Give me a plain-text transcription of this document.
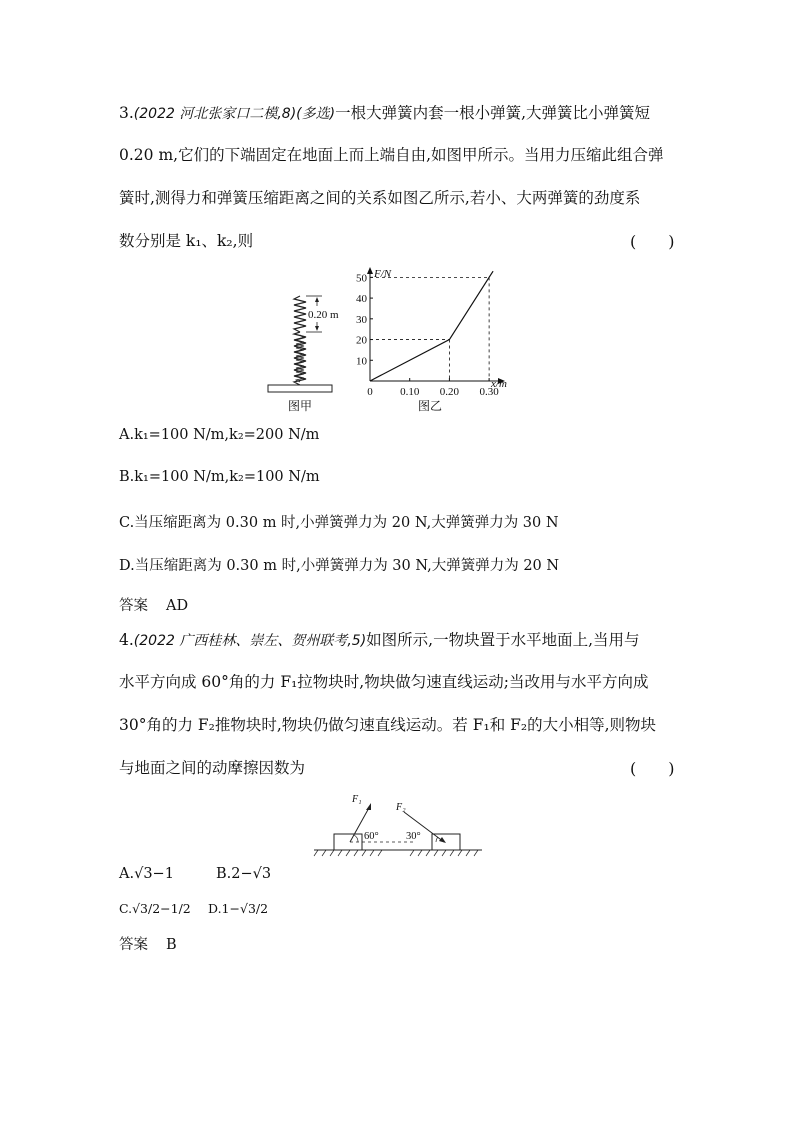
3.(2022 河北张家口二模,8)(多选)一根大弹簧内套一根小弹簧,大弹簧比小弹簧短
0.20 m,它们的下端固定在地面上而上端自由,如图甲所示。当用力压缩此组合弹
簧时,测得力和弹簧压缩距离之间的关系如图乙所示,若小、大两弹簧的劲度系
数分别是 k₁、k₂,则	(　　)
0.20 m
图甲
10
20
30
40
50
0 0.10 0.20 0.30
F/N
x/m
图乙
A.k₁=100 N/m,k₂=200 N/m
B.k₁=100 N/m,k₂=100 N/m
C.当压缩距离为 0.30 m 时,小弹簧弹力为 20 N,大弹簧弹力为 30 N
D.当压缩距离为 0.30 m 时,小弹簧弹力为 30 N,大弹簧弹力为 20 N
答案 AD
4.(2022 广西桂林、崇左、贺州联考,5)如图所示,一物块置于水平地面上,当用与
水平方向成 60°角的力 F₁拉物块时,物块做匀速直线运动;当改用与水平方向成
30°角的力 F₂推物块时,物块仍做匀速直线运动。若 F₁和 F₂的大小相等,则物块
与地面之间的动摩擦因数为	(　　)
F₁
60°
F₂
30°
A.√3−1	B.2−√3
C.√3/2−1/2 D.1−√3/2
答案 B
